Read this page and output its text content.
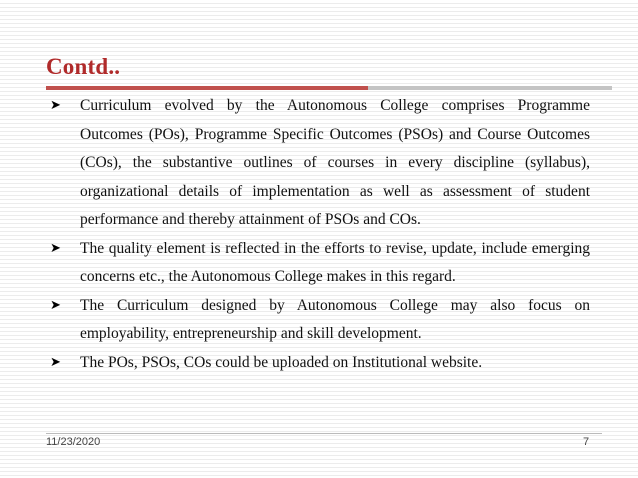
Contd..
➤	Curriculum evolved by the Autonomous College comprises Programme Outcomes (POs), Programme Specific Outcomes (PSOs) and Course Outcomes (COs), the substantive outlines of courses in every discipline (syllabus), organizational details of implementation as well as assessment of student performance and thereby attainment of PSOs and COs.
➤	The quality element is reflected in the efforts to revise, update, include emerging concerns etc., the Autonomous College makes in this regard.
➤	The Curriculum designed by Autonomous College may also focus on employability, entrepreneurship and skill development.
➤	The POs, PSOs, COs could be uploaded on Institutional website.
11/23/2020	7
